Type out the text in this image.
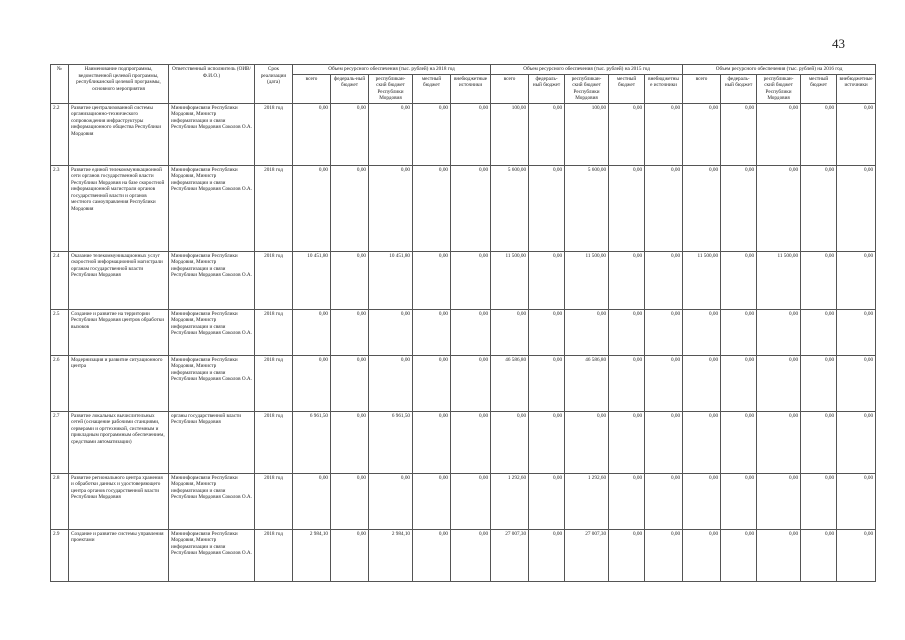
43
№	Наименование подпрограммы, ведомственной целевой программы, республиканской целевой программы, основного мероприятия	Ответственный исполнитель (ОИВ/Ф.И.О.)	Срок реализации (дата)	Объем ресурсного обеспечения (тыс. рублей) на 2018 год					Объем ресурсного обеспечения (тыс. рублей) на 2015 год					Объем ресурсного обеспечения (тыс. рублей) на 2016 год				
				всего	федераль-ный бюджет	республикан-ский бюджет Республики Мордовия	местный бюджет	внебюджетные источники	всего	федераль-ный бюджет	республикан-ский бюджет Республики Мордовия	местный бюджет	внебюджетные источники	всего	федераль-ный бюджет	республикан-ский бюджет Республики Мордовия	местный бюджет	внебюджетные источники
2.2	Развитие централизованной системы организационно-технического сопровождения инфраструктуры информационного общества Республики Мордовия	Мининформсвязи Республики Мордовия, Министр информатизации и связи Республики Мордовия Соколов О.А.	2018 год	0,00	0,00	0,00	0,00	0,00	100,00	0,00	100,00	0,00	0,00	0,00	0,00	0,00	0,00	0,00
2.3	Развитие единой телекоммуникационной сети органов государственной власти Республики Мордовия на базе скоростной информационной магистрали органов государственной власти и органов местного самоуправления Республики Мордовия	Мининформсвязи Республики Мордовия, Министр информатизации и связи Республики Мордовия Соколов О.А.	2018 год	0,00	0,00	0,00	0,00	0,00	5 600,00	0,00	5 600,00	0,00	0,00	0,00	0,00	0,00	0,00	0,00
2.4	Оказание телекоммуникационных услуг скоростной информационной магистрали органам государственной власти Республики Мордовия	Мининформсвязи Республики Мордовия, Министр информатизации и связи Республики Мордовия Соколов О.А.	2018 год	10 451,80	0,00	10 451,80	0,00	0,00	11 500,00	0,00	11 500,00	0,00	0,00	11 500,00	0,00	11 500,00	0,00	0,00
2.5	Создание и развитие на территории Республики Мордовия центров обработки вызовов	Мининформсвязи Республики Мордовия, Министр информатизации и связи Республики Мордовия Соколов О.А.	2018 год	0,00	0,00	0,00	0,00	0,00	0,00	0,00	0,00	0,00	0,00	0,00	0,00	0,00	0,00	0,00
2.6	Модернизация и развитие ситуационного центра	Мининформсвязи Республики Мордовия, Министр информатизации и связи Республики Мордовия Соколов О.А.	2018 год	0,00	0,00	0,00	0,00	0,00	46 586,80	0,00	46 586,80	0,00	0,00	0,00	0,00	0,00	0,00	0,00
2.7	Развитие локальных вычислительных сетей (оснащение рабочими станциями, серверами и оргтехникой, системным и прикладным программным обеспечением, средствами автоматизации)	органы государственной власти Республики Мордовия	2018 год	6 961,50	0,00	6 961,50	0,00	0,00	0,00	0,00	0,00	0,00	0,00	0,00	0,00	0,00	0,00	0,00
2.8	Развитие регионального центра хранения и обработки данных и удостоверяющего центра органов государственной власти Республики Мордовия	Мининформсвязи Республики Мордовия, Министр информатизации и связи Республики Мордовия Соколов О.А.	2018 год	0,00	0,00	0,00	0,00	0,00	1 292,60	0,00	1 292,60	0,00	0,00	0,00	0,00	0,00	0,00	0,00
2.9	Создание и развитие системы управления проектами	Мининформсвязи Республики Мордовия, Министр информатизации и связи Республики Мордовия Соколов О.А.	2018 год	2 984,10	0,00	2 984,10	0,00	0,00	27 007,30	0,00	27 007,30	0,00	0,00	0,00	0,00	0,00	0,00	0,00
